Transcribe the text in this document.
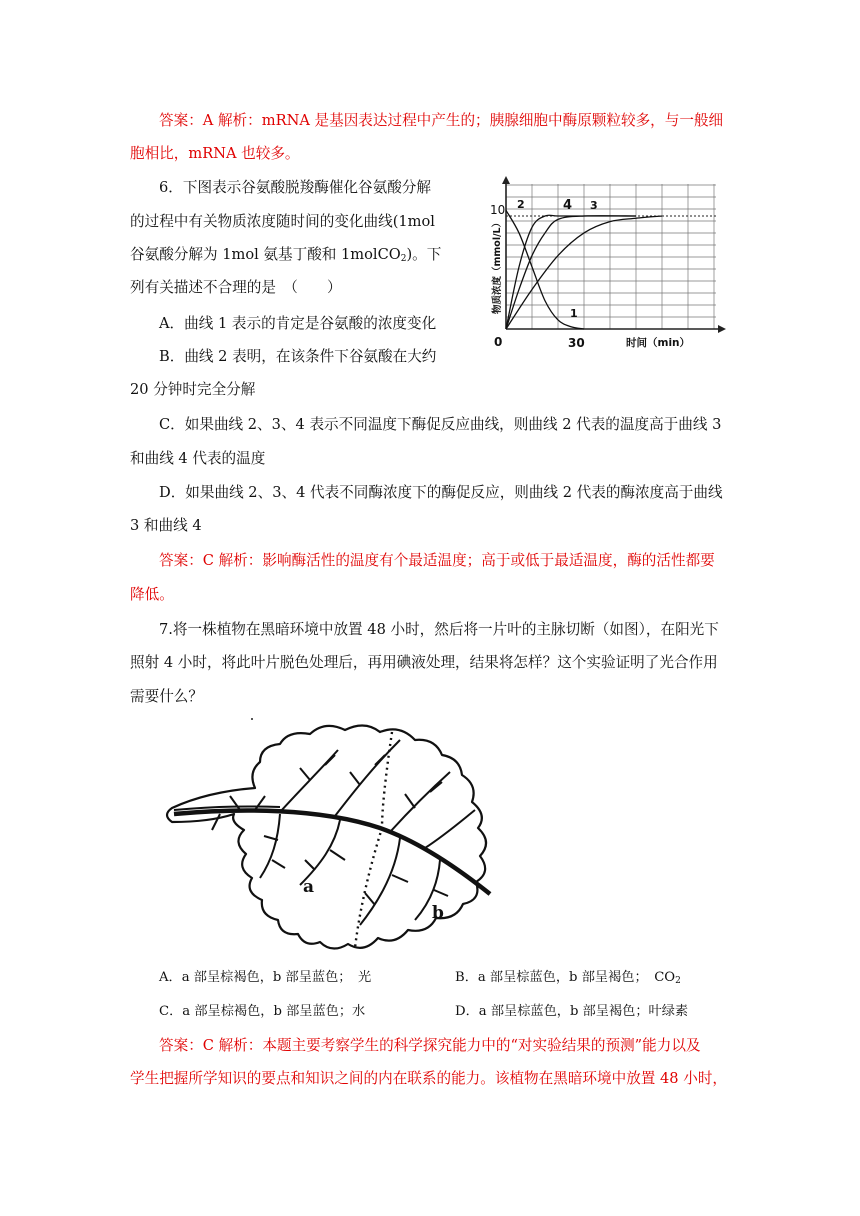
答案：A 解析：mRNA 是基因表达过程中产生的；胰腺细胞中酶原颗粒较多，与一般细
胞相比，mRNA 也较多。
6．下图表示谷氨酸脱羧酶催化谷氨酸分解
的过程中有关物质浓度随时间的变化曲线(1mol
谷氨酸分解为 1mol 氨基丁酸和 1molCO$_2$)。下
列有关描述不合理的是　（　　）
A．曲线 1 表示的肯定是谷氨酸的浓度变化
B．曲线 2 表明，在该条件下谷氨酸在大约
20 分钟时完全分解
C．如果曲线 2、3、4 表示不同温度下酶促反应曲线，则曲线 2 代表的温度高于曲线 3
和曲线 4 代表的温度
D．如果曲线 2、3、4 代表不同酶浓度下的酶促反应，则曲线 2 代表的酶浓度高于曲线
3 和曲线 4
答案：C 解析：影响酶活性的温度有个最适温度；高于或低于最适温度，酶的活性都要
降低。
1
2	3
4
10
30
0	时间（min）
物质浓度（mmol/L）
7.将一株植物在黑暗环境中放置 48 小时，然后将一片叶的主脉切断（如图），在阳光下
照射 4 小时，将此叶片脱色处理后，再用碘液处理，结果将怎样？这个实验证明了光合作用
需要什么？
a
b
A．a 部呈棕褐色，b 部呈蓝色；　光	B．a 部呈棕蓝色，b 部呈褐色；　$CO_2$
C．a 部呈棕褐色，b 部呈蓝色；水	D．a 部呈棕蓝色，b 部呈褐色；叶绿素
答案：C 解析：本题主要考察学生的科学探究能力中的“对实验结果的预测”能力以及
学生把握所学知识的要点和知识之间的内在联系的能力。该植物在黑暗环境中放置 48 小时，
